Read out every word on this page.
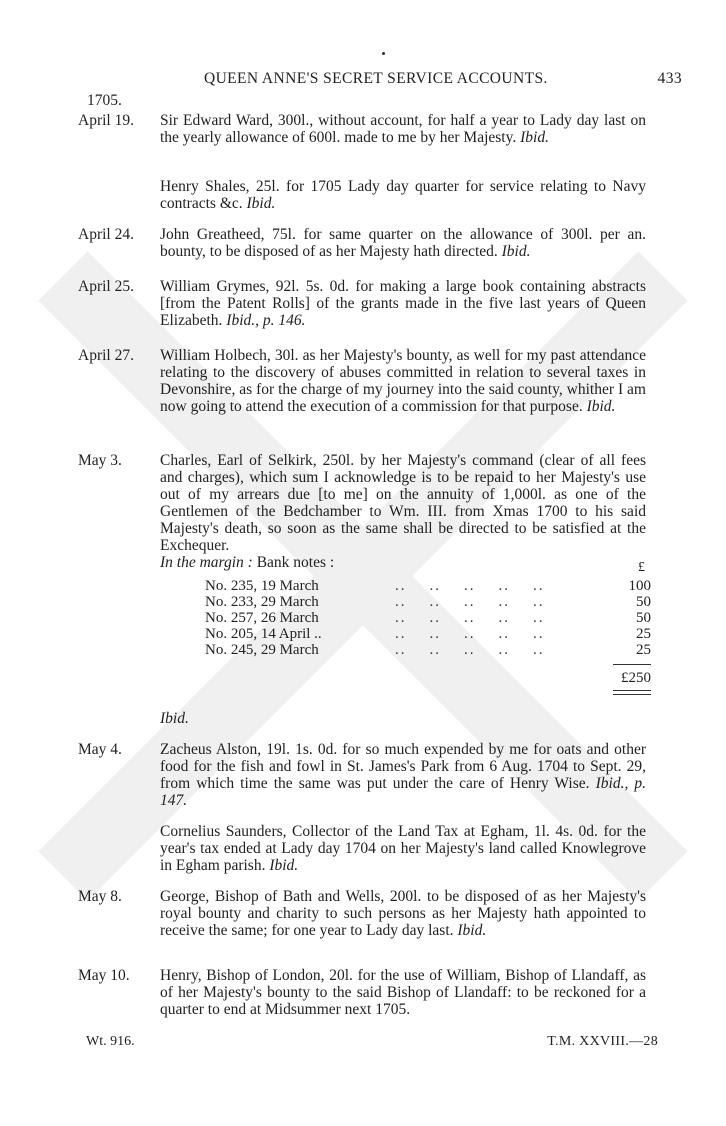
QUEEN ANNE'S SECRET SERVICE ACCOUNTS.	433
1705.
April 19.	Sir Edward Ward, 300l., without account, for half a year to Lady day last on the yearly allowance of 600l. made to me by her Majesty. Ibid.
Henry Shales, 25l. for 1705 Lady day quarter for service relating to Navy contracts &c. Ibid.
April 24.	John Greatheed, 75l. for same quarter on the allowance of 300l. per an. bounty, to be disposed of as her Majesty hath directed. Ibid.
April 25.	William Grymes, 92l. 5s. 0d. for making a large book containing abstracts [from the Patent Rolls] of the grants made in the five last years of Queen Elizabeth. Ibid., p. 146.
April 27.	William Holbech, 30l. as her Majesty's bounty, as well for my past attendance relating to the discovery of abuses committed in relation to several taxes in Devonshire, as for the charge of my journey into the said county, whither I am now going to attend the execution of a commission for that purpose. Ibid.
May 3.	Charles, Earl of Selkirk, 250l. by her Majesty's command (clear of all fees and charges), which sum I acknowledge is to be repaid to her Majesty's use out of my arrears due [to me] on the annuity of 1,000l. as one of the Gentlemen of the Bedchamber to Wm. III. from Xmas 1700 to his said Majesty's death, so soon as the same shall be directed to be satisfied at the Exchequer.
In the margin : Bank notes :	£
No. 235, 19 March	..    ..    ..    ..    ..	100
No. 233, 29 March	..    ..    ..    ..    ..	50
No. 257, 26 March	..    ..    ..    ..    ..	50
No. 205, 14 April ..	..    ..    ..    ..    ..	25
No. 245, 29 March	..    ..    ..    ..    ..	25
£250
Ibid.
May 4.	Zacheus Alston, 19l. 1s. 0d. for so much expended by me for oats and other food for the fish and fowl in St. James's Park from 6 Aug. 1704 to Sept. 29, from which time the same was put under the care of Henry Wise. Ibid., p. 147.
Cornelius Saunders, Collector of the Land Tax at Egham, 1l. 4s. 0d. for the year's tax ended at Lady day 1704 on her Majesty's land called Knowlegrove in Egham parish. Ibid.
May 8.	George, Bishop of Bath and Wells, 200l. to be disposed of as her Majesty's royal bounty and charity to such persons as her Majesty hath appointed to receive the same; for one year to Lady day last. Ibid.
May 10.	Henry, Bishop of London, 20l. for the use of William, Bishop of Llandaff, as of her Majesty's bounty to the said Bishop of Llandaff: to be reckoned for a quarter to end at Midsummer next 1705.
Wt. 916.	T.M. XXVIII.—28
